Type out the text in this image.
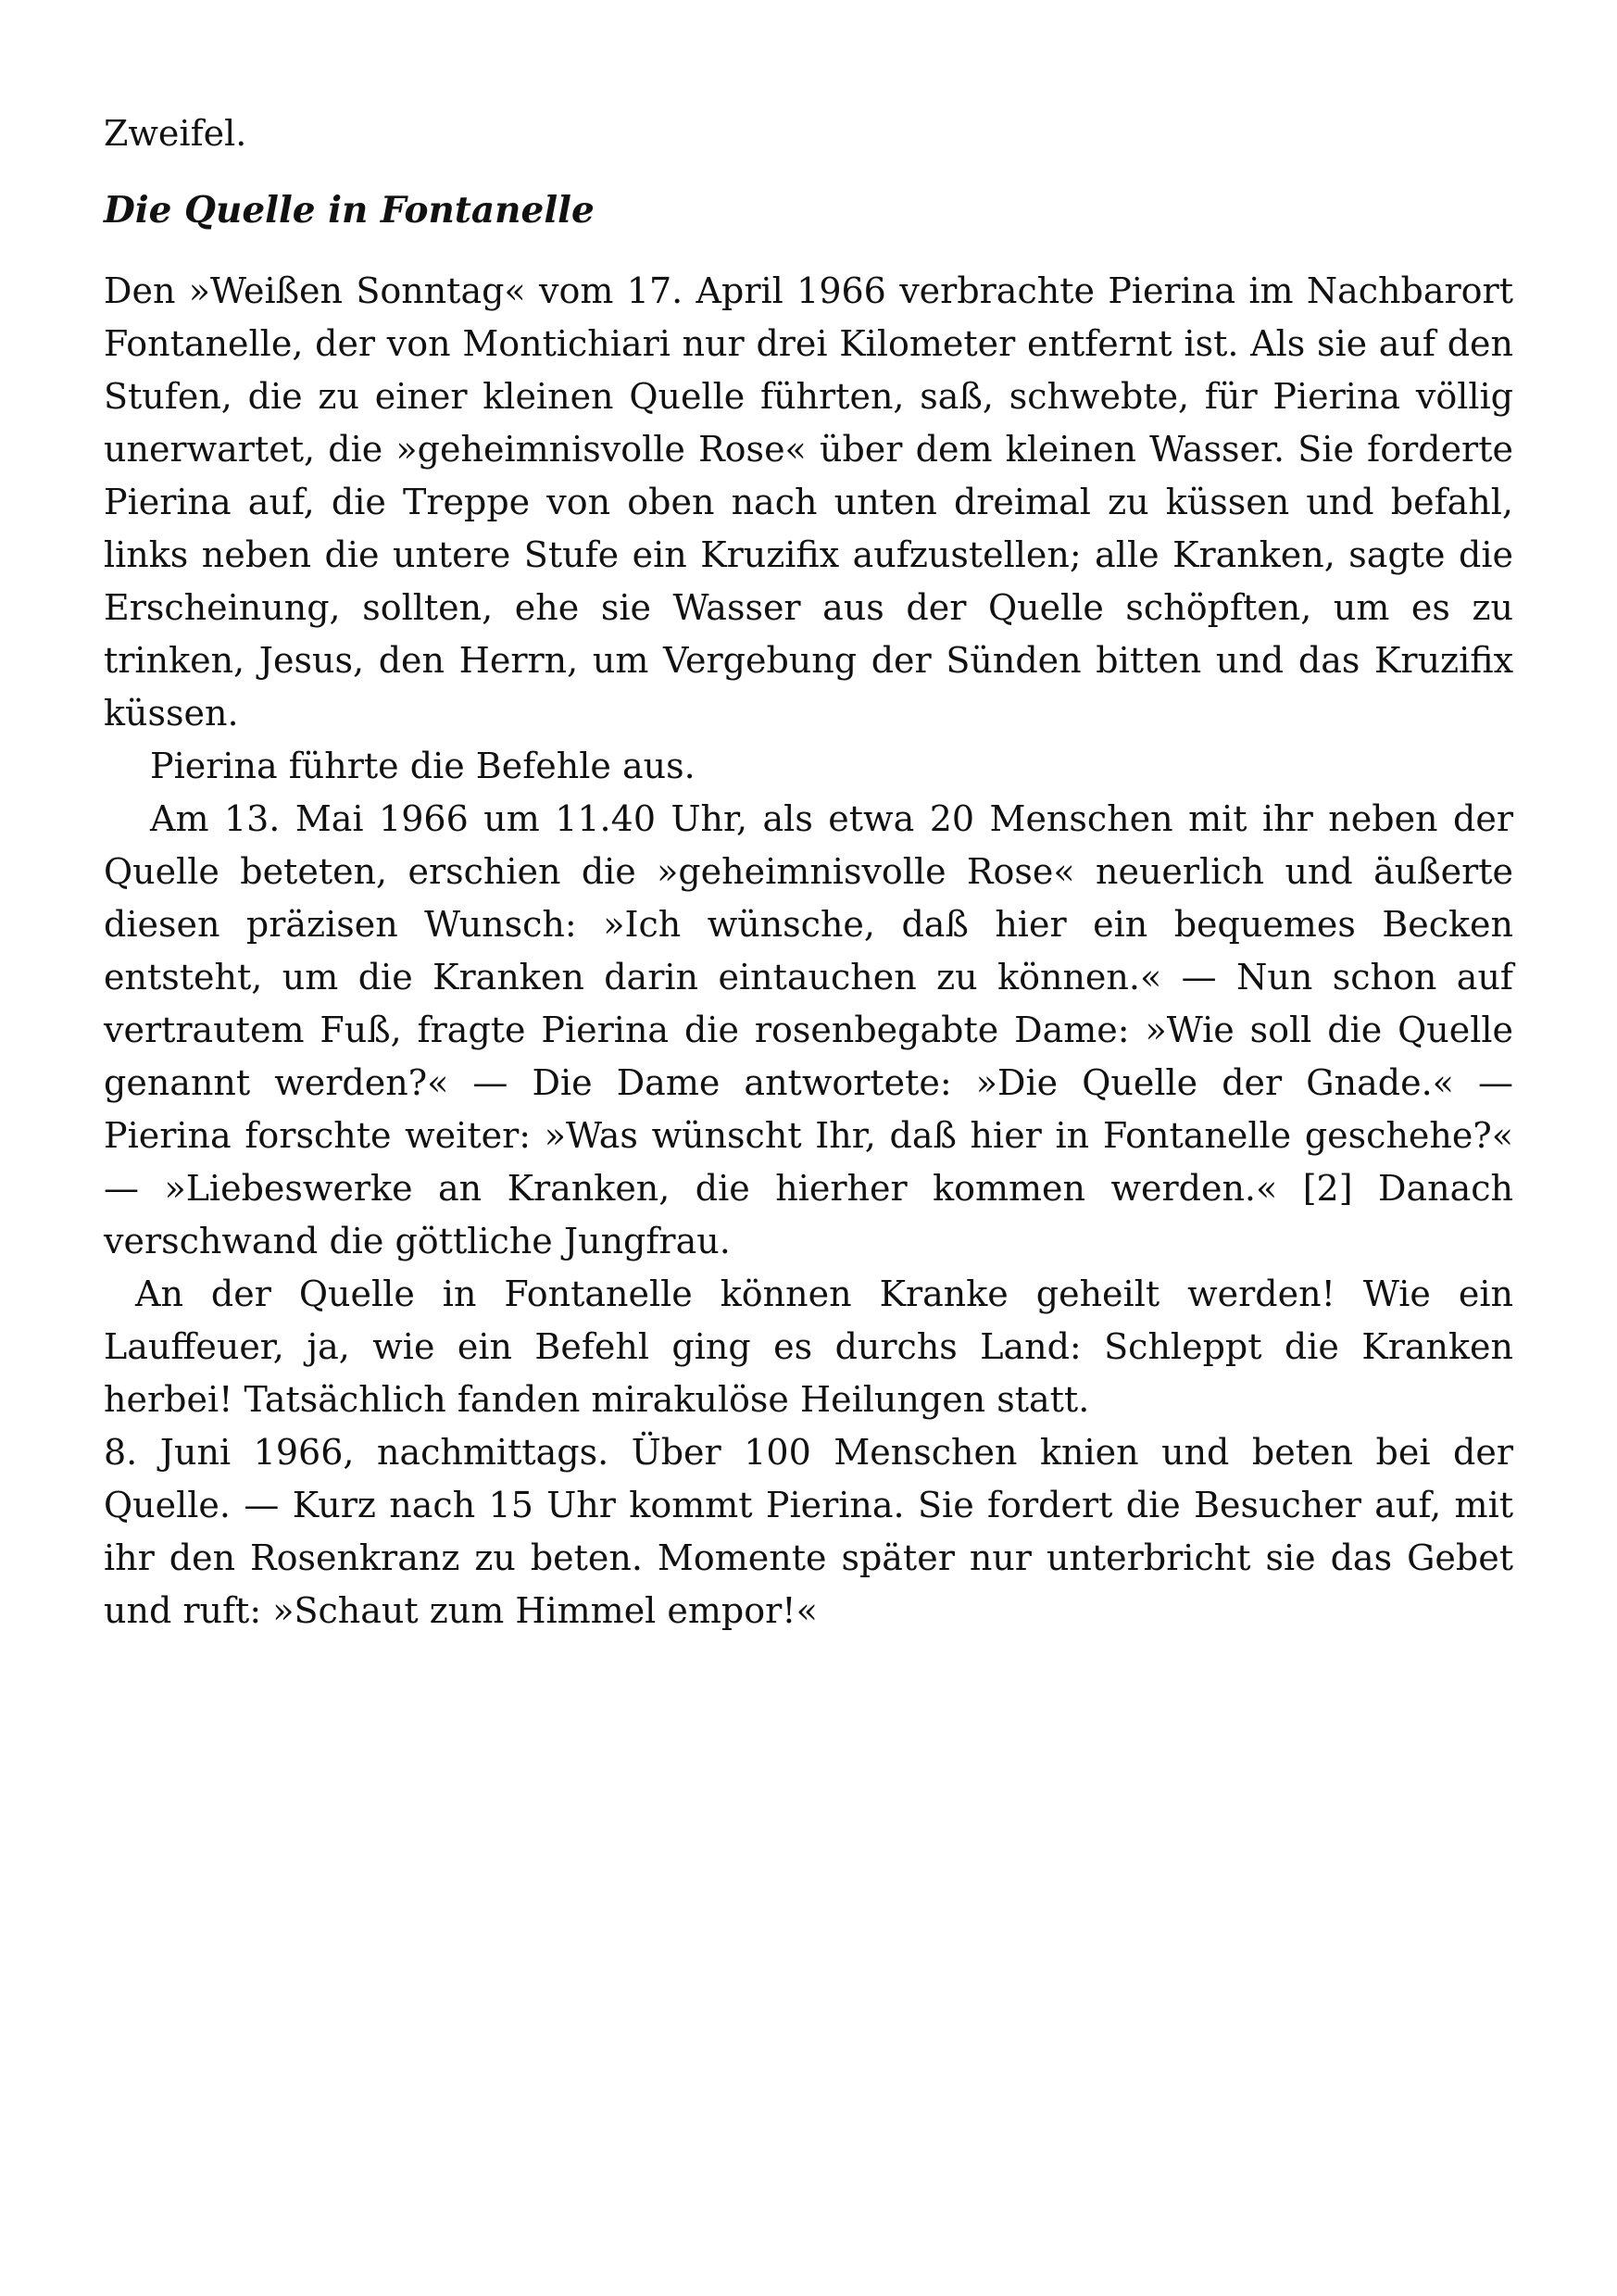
Zweifel.

Die Quelle in Fontanelle

Den »Weißen Sonntag« vom 17. April 1966 verbrachte Pierina im Nachbarort Fontanelle, der von Montichiari nur drei Kilometer entfernt ist. Als sie auf den Stufen, die zu einer kleinen Quelle führten, saß, schwebte, für Pierina völlig unerwartet, die »geheimnisvolle Rose« über dem kleinen Wasser. Sie forderte Pierina auf, die Treppe von oben nach unten dreimal zu küssen und befahl, links neben die untere Stufe ein Kruzifix aufzustellen; alle Kranken, sagte die Erscheinung, sollten, ehe sie Wasser aus der Quelle schöpften, um es zu trinken, Jesus, den Herrn, um Vergebung der Sünden bitten und das Kruzifix küssen.

Pierina führte die Befehle aus.

Am 13. Mai 1966 um 11.40 Uhr, als etwa 20 Menschen mit ihr neben der Quelle beteten, erschien die »geheimnisvolle Rose« neuerlich und äußerte diesen präzisen Wunsch: »Ich wünsche, daß hier ein bequemes Becken entsteht, um die Kranken darin eintauchen zu können.« — Nun schon auf vertrautem Fuß, fragte Pierina die rosenbegabte Dame: »Wie soll die Quelle genannt werden?« — Die Dame antwortete: »Die Quelle der Gnade.« — Pierina forschte weiter: »Was wünscht Ihr, daß hier in Fontanelle geschehe?« — »Liebeswerke an Kranken, die hierher kommen werden.« [2] Danach verschwand die göttliche Jungfrau.

An der Quelle in Fontanelle können Kranke geheilt werden! Wie ein Lauffeuer, ja, wie ein Befehl ging es durchs Land: Schleppt die Kranken herbei! Tatsächlich fanden mirakulöse Heilungen statt.

8. Juni 1966, nachmittags. Über 100 Menschen knien und beten bei der Quelle. — Kurz nach 15 Uhr kommt Pierina. Sie fordert die Besucher auf, mit ihr den Rosenkranz zu beten. Momente später nur unterbricht sie das Gebet und ruft: »Schaut zum Himmel empor!«
